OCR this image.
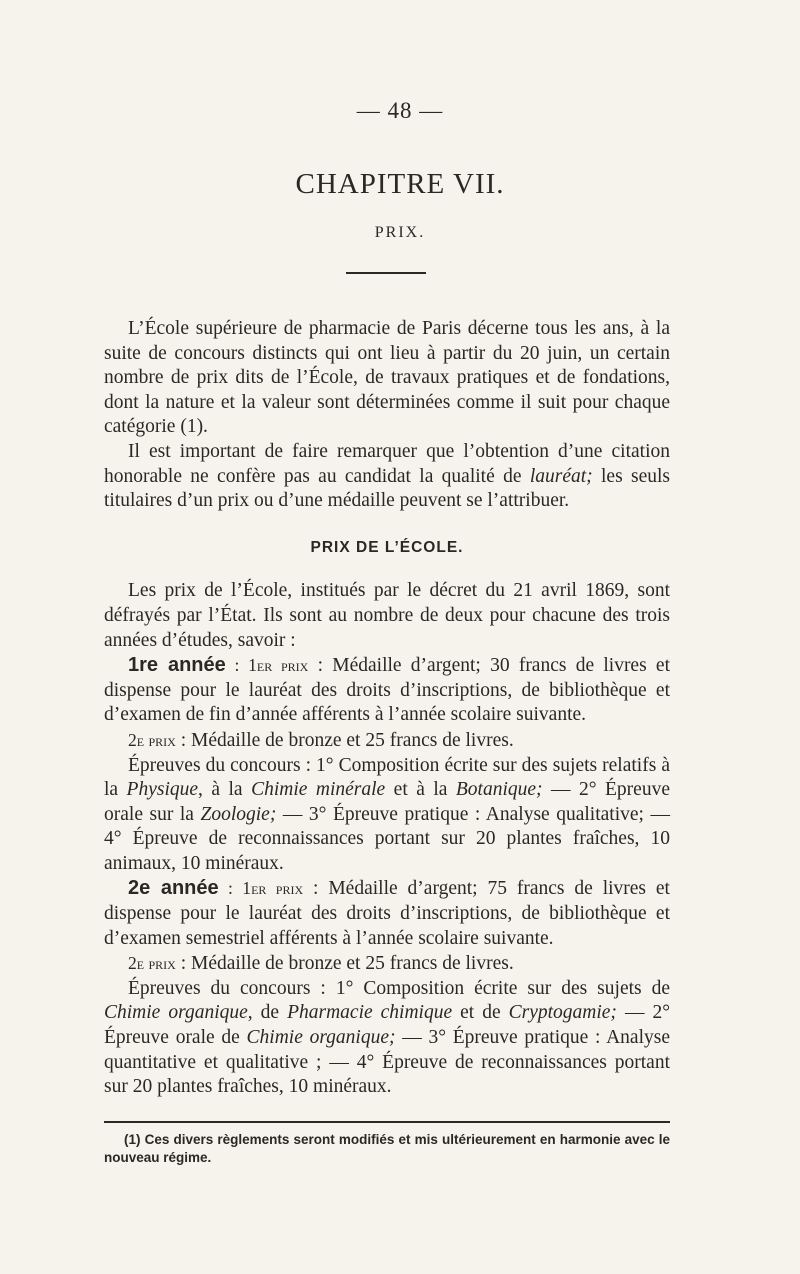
— 48 —
CHAPITRE VII.
PRIX.

L’École supérieure de pharmacie de Paris décerne tous les ans, à la suite de concours distincts qui ont lieu à partir du 20 juin, un certain nombre de prix dits de l’École, de travaux pratiques et de fondations, dont la nature et la valeur sont déterminées comme il suit pour chaque catégorie (1).

Il est important de faire remarquer que l’obtention d’une citation honorable ne confère pas au candidat la qualité de lauréat; les seuls titulaires d’un prix ou d’une médaille peuvent se l’attribuer.

PRIX DE L’ÉCOLE.

Les prix de l’École, institués par le décret du 21 avril 1869, sont défrayés par l’État. Ils sont au nombre de deux pour chacune des trois années d’études, savoir :

1re année : 1er prix : Médaille d’argent; 30 francs de livres et dispense pour le lauréat des droits d’inscriptions, de bibliothèque et d’examen de fin d’année afférents à l’année scolaire suivante.

2e prix : Médaille de bronze et 25 francs de livres.

Épreuves du concours : 1° Composition écrite sur des sujets relatifs à la Physique, à la Chimie minérale et à la Botanique; — 2° Épreuve orale sur la Zoologie; — 3° Épreuve pratique : Analyse qualitative; — 4° Épreuve de reconnaissances portant sur 20 plantes fraîches, 10 animaux, 10 minéraux.

2e année : 1er prix : Médaille d’argent; 75 francs de livres et dispense pour le lauréat des droits d’inscriptions, de bibliothèque et d’examen semestriel afférents à l’année scolaire suivante.

2e prix : Médaille de bronze et 25 francs de livres.

Épreuves du concours : 1° Composition écrite sur des sujets de Chimie organique, de Pharmacie chimique et de Cryptogamie; — 2° Épreuve orale de Chimie organique; — 3° Épreuve pratique : Analyse quantitative et qualitative ; — 4° Épreuve de reconnaissances portant sur 20 plantes fraîches, 10 minéraux.

(1) Ces divers règlements seront modifiés et mis ultérieurement en harmonie avec le nouveau régime.
